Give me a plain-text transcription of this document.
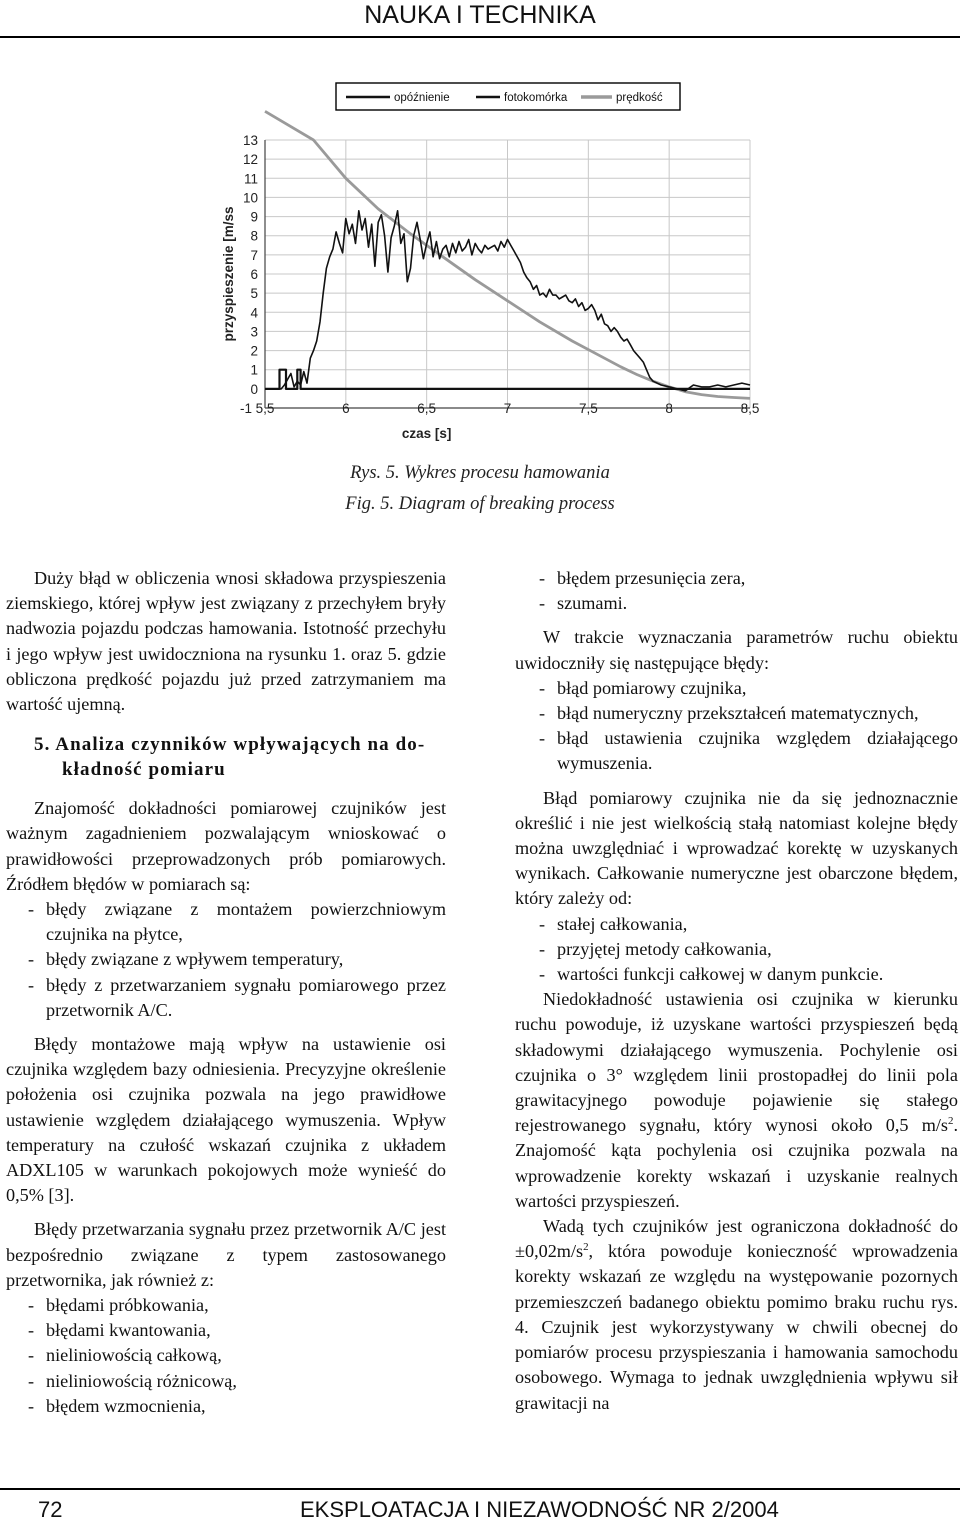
NAUKA I TECHNIKA
opóźnienie	fotokomórka	prędkość
0
1
2
3
4
5
6
7
8
9
10
11
12
13
-1 5,5	6	6,5	7	7,5	8	8,5
czas [s]
przyspieszenie [m/ss
Rys. 5. Wykres procesu hamowania
Fig. 5. Diagram of breaking process

Duży błąd w obliczenia wnosi składowa przyspieszenia ziemskiego, której wpływ jest związany z przechyłem bryły nadwozia pojazdu podczas hamowania. Istotność przechyłu i jego wpływ jest uwidoczniona na rysunku 1. oraz 5. gdzie obliczona prędkość pojazdu już przed zatrzymaniem ma wartość ujemną.

5. Analiza czynników wpływających na do-
kładność pomiaru

Znajomość dokładności pomiarowej czujników jest ważnym zagadnieniem pozwalającym wnioskować o prawidłowości przeprowadzonych prób pomiarowych. Źródłem błędów w pomiarach są:

- błędy związane z montażem powierzchniowym czujnika na płytce,
- błędy związane z wpływem temperatury,
- błędy z przetwarzaniem sygnału pomiarowego przez przetwornik A/C.

Błędy montażowe mają wpływ na ustawienie osi czujnika względem bazy odniesienia. Precyzyjne określenie położenia osi czujnika pozwala na jego prawidłowe ustawienie względem działającego wymuszenia. Wpływ temperatury na czułość wskazań czujnika z układem ADXL105 w warunkach pokojowych może wynieść do 0,5% [3].

Błędy przetwarzania sygnału przez przetwornik A/C jest bezpośrednio związane z typem zastosowanego przetwornika, jak również z:

- błędami próbkowania,
- błędami kwantowania,
- nieliniowością całkową,
- nieliniowością różnicową,
- błędem wzmocnienia,
- błędem przesunięcia zera,
- szumami.

W trakcie wyznaczania parametrów ruchu obiektu uwidoczniły się następujące błędy:

- błąd pomiarowy czujnika,
- błąd numeryczny przekształceń matematycznych,
- błąd ustawienia czujnika względem działającego wymuszenia.

Błąd pomiarowy czujnika nie da się jednoznacznie określić i nie jest wielkością stałą natomiast kolejne błędy można uwzględniać i wprowadzać korektę w uzyskanych wynikach. Całkowanie numeryczne jest obarczone błędem, który zależy od:

- stałej całkowania,
- przyjętej metody całkowania,
- wartości funkcji całkowej w danym punkcie.

Niedokładność ustawienia osi czujnika w kierunku ruchu powoduje, iż uzyskane wartości przyspieszeń będą składowymi działającego wymuszenia. Pochylenie osi czujnika o 3° względem linii prostopadłej do linii pola grawitacyjnego powoduje pojawienie się stałego rejestrowanego sygnału, który wynosi około 0,5 $m/s^2$. Znajomość kąta pochylenia osi czujnika pozwala na wprowadzenie korekty wskazań i uzyskanie realnych wartości przyspieszeń.

Wadą tych czujników jest ograniczona dokładność do $\pm 0,02m/s^2$, która powoduje konieczność wprowadzenia korekty wskazań ze względu na występowanie pozornych przemieszczeń badanego obiektu pomimo braku ruchu rys. 4. Czujnik jest wykorzystywany w chwili obecnej do pomiarów procesu przyspieszania i hamowania samochodu osobowego. Wymaga to jednak uwzględnienia wpływu sił grawitacji na

72	EKSPLOATACJA I NIEZAWODNOŚĆ NR 2/2004
